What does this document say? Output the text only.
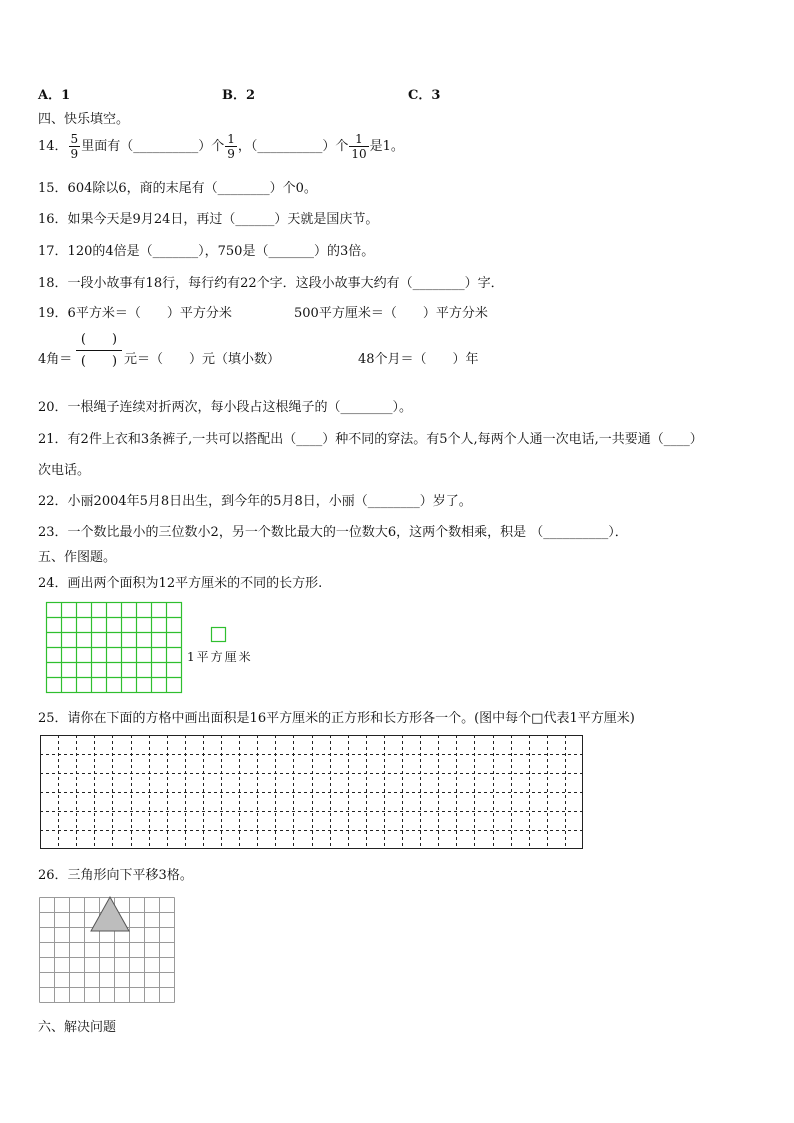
A．1	B．2	C．3
四、快乐填空。
14． $\frac{5}{9}$ 里面有（__________）个 $\frac{1}{9}$ ，（__________）个 $\frac{1}{10}$ 是1。
15．604除以6，商的末尾有（________）个0。
16．如果今天是9月24日，再过（______）天就是国庆节。
17．120的4倍是（_______），750是（_______）的3倍。
18．一段小故事有18行，每行约有22个字．这段小故事大约有（________）字．
19．6平方米＝（　　）平方分米	500平方厘米＝（　　）平方分米
4角＝
(　　)
(　　) 元＝（　　）元（填小数）	48个月＝（　　）年
20．一根绳子连续对折两次，每小段占这根绳子的（________）。
21．有2件上衣和3条裤子,一共可以搭配出（____）种不同的穿法。有5个人,每两个人通一次电话,一共要通（____）
次电话。
22．小丽2004年5月8日出生，到今年的5月8日，小丽（________）岁了。
23．一个数比最小的三位数小2，另一个数比最大的一位数大6，这两个数相乘，积是 （__________）．
五、作图题。
24．画出两个面积为12平方厘米的不同的长方形.
1平方厘米
25．请你在下面的方格中画出面积是16平方厘米的正方形和长方形各一个。(图中每个□代表1平方厘米)
26．三角形向下平移3格。
六、解决问题
